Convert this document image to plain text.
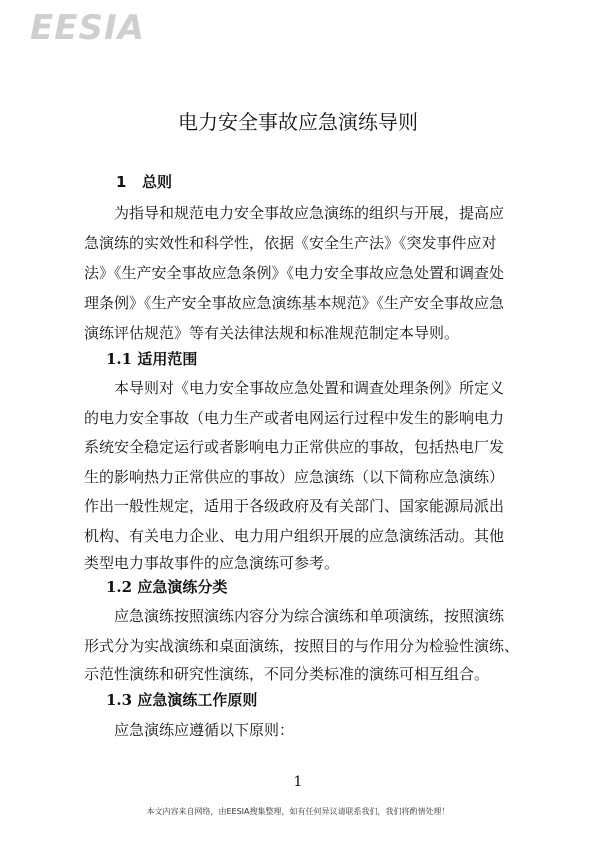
EESIA
电力安全事故应急演练导则
1 总则
为指导和规范电力安全事故应急演练的组织与开展，提高应
急演练的实效性和科学性，依据《安全生产法》《突发事件应对
法》《生产安全事故应急条例》《电力安全事故应急处置和调查处
理条例》《生产安全事故应急演练基本规范》《生产安全事故应急
演练评估规范》等有关法律法规和标准规范制定本导则。
1.1 适用范围
本导则对《电力安全事故应急处置和调查处理条例》所定义
的电力安全事故（电力生产或者电网运行过程中发生的影响电力
系统安全稳定运行或者影响电力正常供应的事故，包括热电厂发
生的影响热力正常供应的事故）应急演练（以下简称应急演练）
作出一般性规定，适用于各级政府及有关部门、国家能源局派出
机构、有关电力企业、电力用户组织开展的应急演练活动。其他
类型电力事故事件的应急演练可参考。
1.2 应急演练分类
应急演练按照演练内容分为综合演练和单项演练，按照演练
形式分为实战演练和桌面演练，按照目的与作用分为检验性演练、
示范性演练和研究性演练，不同分类标准的演练可相互组合。
1.3 应急演练工作原则
应急演练应遵循以下原则：
1
本文内容来自网络，由EESIA搜集整理，如有任何异议请联系我们，我们将酌情处理！
